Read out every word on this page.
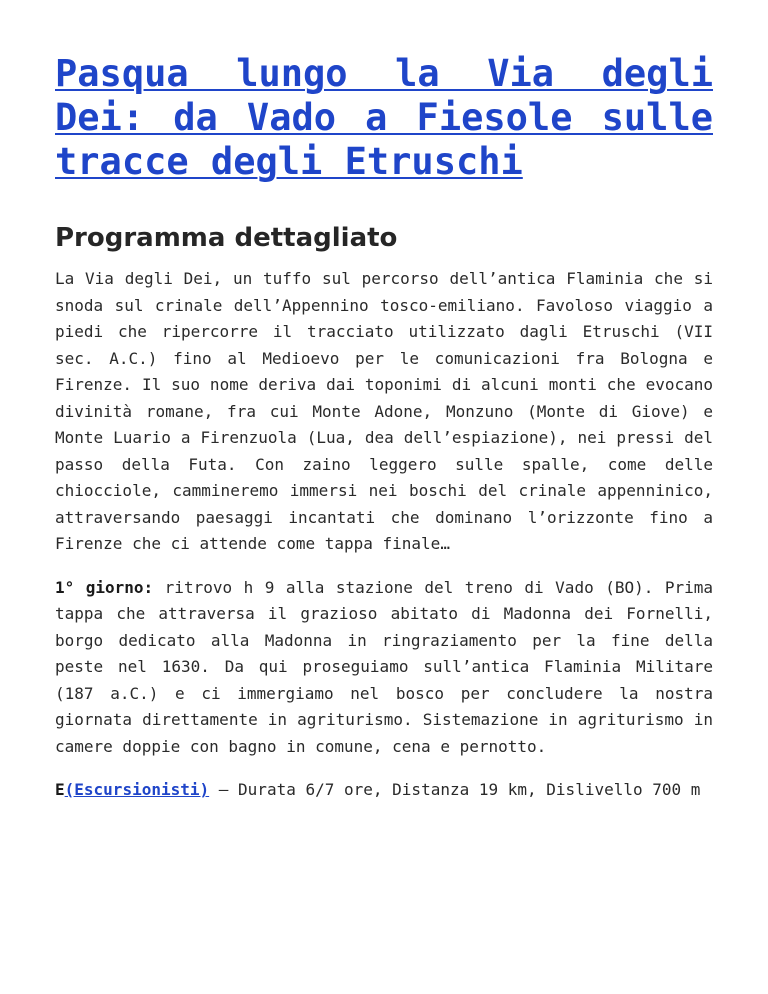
Pasqua lungo la Via degli Dei: da Vado a Fiesole sulle tracce degli Etruschi
Programma dettagliato

La Via degli Dei, un tuffo sul percorso dell’antica Flaminia che si snoda sul crinale dell’Appennino tosco-emiliano. Favoloso viaggio a piedi che ripercorre il tracciato utilizzato dagli Etruschi (VII sec. A.C.) fino al Medioevo per le comunicazioni fra Bologna e Firenze. Il suo nome deriva dai toponimi di alcuni monti che evocano divinità romane, fra cui Monte Adone, Monzuno (Monte di Giove) e Monte Luario a Firenzuola (Lua, dea dell’espiazione), nei pressi del passo della Futa. Con zaino leggero sulle spalle, come delle chiocciole, cammineremo immersi nei boschi del crinale appenninico, attraversando paesaggi incantati che dominano l’orizzonte fino a Firenze che ci attende come tappa finale…

1° giorno: ritrovo h 9 alla stazione del treno di Vado (BO). Prima tappa che attraversa il grazioso abitato di Madonna dei Fornelli, borgo dedicato alla Madonna in ringraziamento per la fine della peste nel 1630. Da qui proseguiamo sull’antica Flaminia Militare (187 a.C.) e ci immergiamo nel bosco per concludere la nostra giornata direttamente in agriturismo. Sistemazione in agriturismo in camere doppie con bagno in comune, cena e pernotto.

E(Escursionisti) – Durata 6/7 ore, Distanza 19 km, Dislivello 700 m
